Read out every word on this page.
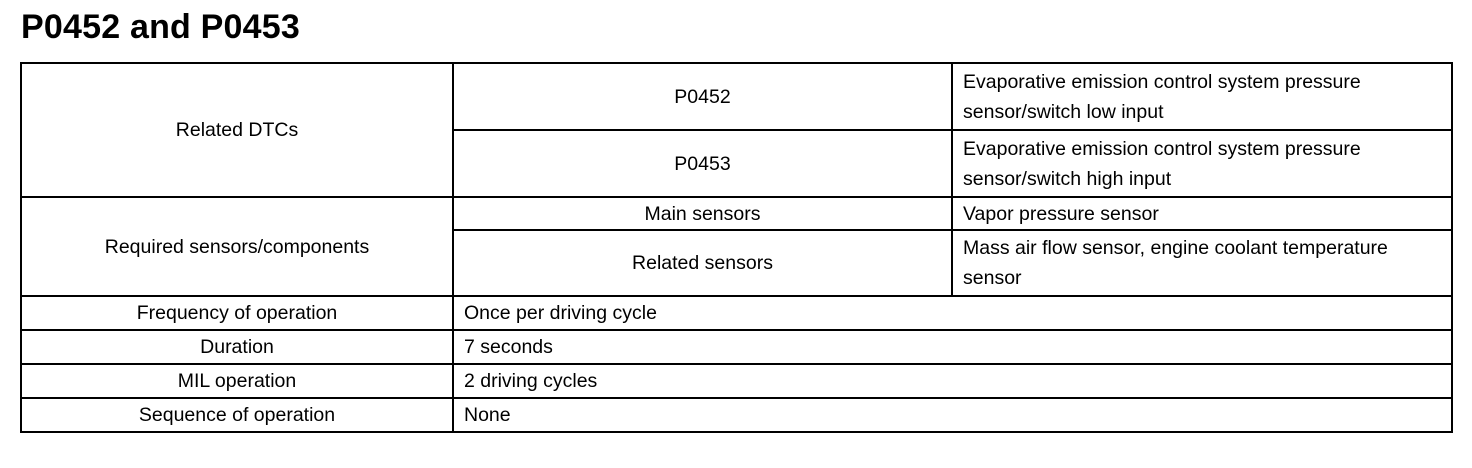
P0452 and P0453
Related DTCs	P0452	Evaporative emission control system pressure sensor/switch low input
	P0453	Evaporative emission control system pressure sensor/switch high input
Required sensors/components	Main sensors	Vapor pressure sensor
	Related sensors	Mass air flow sensor, engine coolant temperature sensor
Frequency of operation	Once per driving cycle	
Duration	7 seconds	
MIL operation	2 driving cycles	
Sequence of operation	None	
